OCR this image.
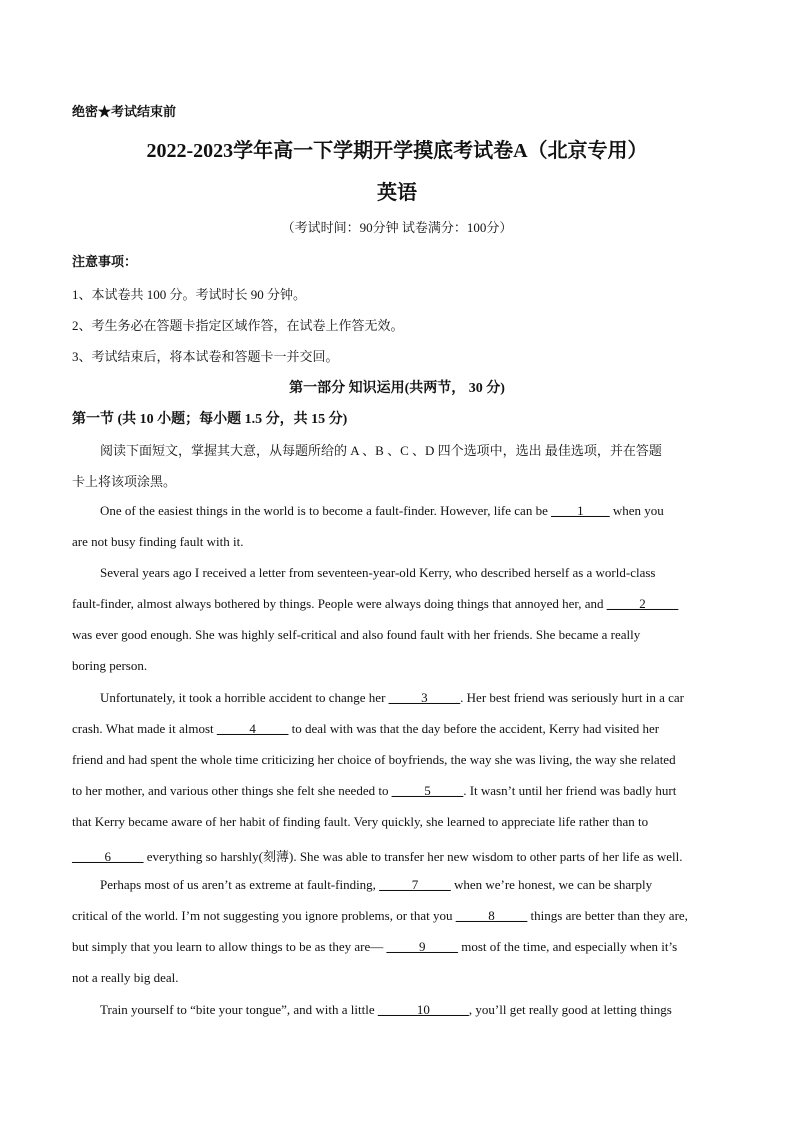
绝密★考试结束前
2022-2023学年高一下学期开学摸底考试卷A（北京专用）
英语
（考试时间：90分钟 试卷满分：100分）
注意事项：
1、本试卷共 100 分。考试时长 90 分钟。
2、考生务必在答题卡指定区域作答，在试卷上作答无效。
3、考试结束后，将本试卷和答题卡一并交回。
第一部分 知识运用(共两节， 30 分)
第一节 (共 10 小题；每小题 1.5 分，共 15 分)
阅读下面短文，掌握其大意，从每题所给的 A 、B 、C 、D 四个选项中，选出 最佳选项，并在答题
卡上将该项涂黑。
One of the easiest things in the world is to become a fault-finder. However, life can be ____1____ when you
are not busy finding fault with it.
Several years ago I received a letter from seventeen-year-old Kerry, who described herself as a world-class
fault-finder, almost always bothered by things. People were always doing things that annoyed her, and _____2_____
was ever good enough. She was highly self-critical and also found fault with her friends. She became a really
boring person.
Unfortunately, it took a horrible accident to change her _____3_____. Her best friend was seriously hurt in a car
crash. What made it almost _____4_____ to deal with was that the day before the accident, Kerry had visited her
friend and had spent the whole time criticizing her choice of boyfriends, the way she was living, the way she related
to her mother, and various other things she felt she needed to _____5_____. It wasn’t until her friend was badly hurt
that Kerry became aware of her habit of finding fault. Very quickly, she learned to appreciate life rather than to
_____6_____ everything so harshly(刻薄). She was able to transfer her new wisdom to other parts of her life as well.
Perhaps most of us aren’t as extreme at fault-finding, _____7_____ when we’re honest, we can be sharply
critical of the world. I’m not suggesting you ignore problems, or that you _____8_____ things are better than they are,
but simply that you learn to allow things to be as they are— _____9_____ most of the time, and especially when it’s
not a really big deal.
Train yourself to “bite your tongue”, and with a little ______10______, you’ll get really good at letting things
